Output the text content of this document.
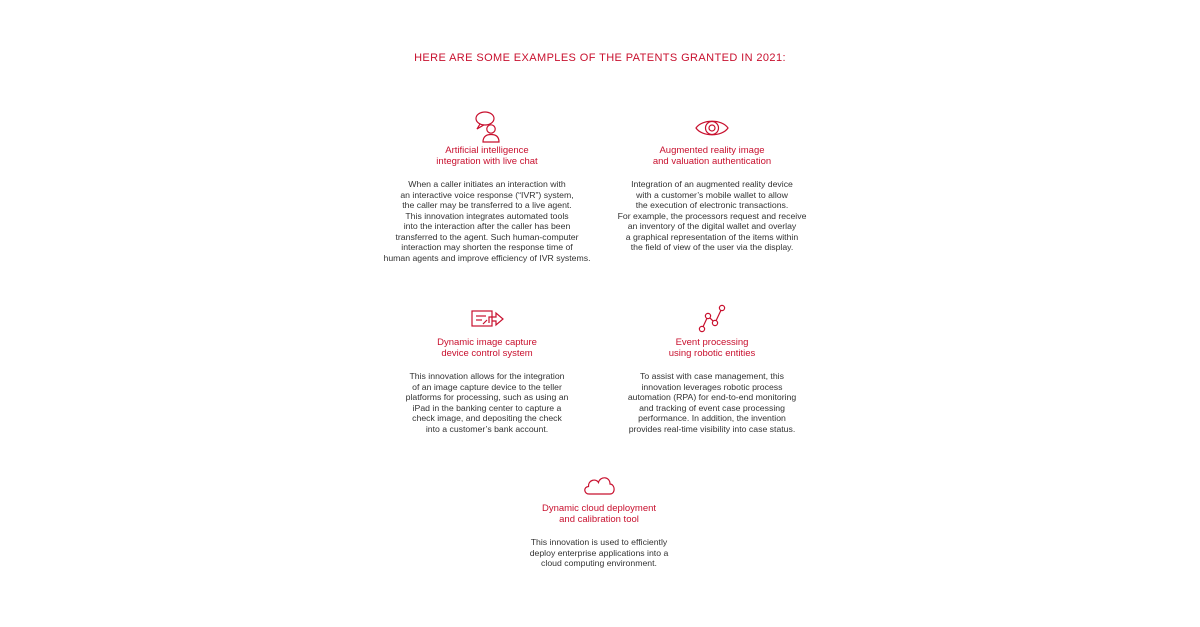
HERE ARE SOME EXAMPLES OF THE PATENTS GRANTED IN 2021:
Artificial intelligence
integration with live chat
When a caller initiates an interaction with
an interactive voice response (“IVR”) system,
the caller may be transferred to a live agent.
This innovation integrates automated tools
into the interaction after the caller has been
transferred to the agent. Such human-computer
interaction may shorten the response time of
human agents and improve efficiency of IVR systems.
Augmented reality image
and valuation authentication
Integration of an augmented reality device
with a customer’s mobile wallet to allow
the execution of electronic transactions.
For example, the processors request and receive
an inventory of the digital wallet and overlay
a graphical representation of the items within
the field of view of the user via the display.
Dynamic image capture
device control system
This innovation allows for the integration
of an image capture device to the teller
platforms for processing, such as using an
iPad in the banking center to capture a
check image, and depositing the check
into a customer’s bank account.
Event processing
using robotic entities
To assist with case management, this
innovation leverages robotic process
automation (RPA) for end-to-end monitoring
and tracking of event case processing
performance. In addition, the invention
provides real-time visibility into case status.
Dynamic cloud deployment
and calibration tool
This innovation is used to efficiently
deploy enterprise applications into a
cloud computing environment.
